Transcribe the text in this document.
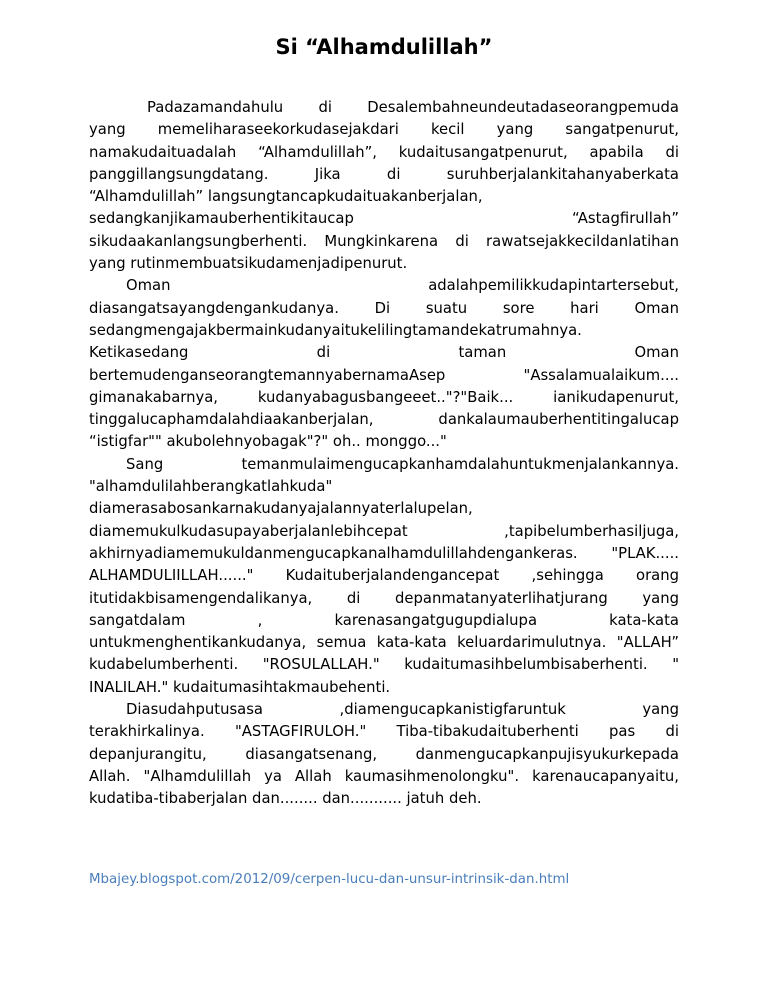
Si “Alhamdulillah”
Padazamandahulu di Desalembahneundeutadaseorangpemuda
yang memeliharaseekorkudasejakdari kecil yang sangatpenurut,
namakudaituadalah “Alhamdulillah”, kudaitusangatpenurut, apabila di
panggillangsungdatang. Jika di suruhberjalankitahanyaberkata
“Alhamdulillah” langsungtancapkudaituakanberjalan,
sedangkanjikamauberhentikitaucap “Astagfirullah”
sikudaakanlangsungberhenti. Mungkinkarena di rawatsejakkecildanlatihan
yang rutinmembuatsikudamenjadipenurut.
Oman adalahpemilikkudapintartersebut,
diasangatsayangdengankudanya. Di suatu sore hari Oman
sedangmengajakbermainkudanyaitukelilingtamandekatrumahnya.
Ketikasedang di taman Oman
bertemudenganseorangtemannyabernamaAsep "Assalamualaikum....
gimanakabarnya, kudanyabagusbangeeet.."?"Baik... ianikudapenurut,
tinggalucaphamdalahdiaakanberjalan, dankalaumauberhentitingalucap
“istigfar"" akubolehnyobagak"?" oh.. monggo..."
Sang temanmulaimengucapkanhamdalahuntukmenjalankannya.
"alhamdulilahberangkatlahkuda"
diamerasabosankarnakudanyajalannyaterlalupelan,
diamemukulkudasupayaberjalanlebihcepat ,tapibelumberhasiljuga,
akhirnyadiamemukuldanmengucapkanalhamdulillahdengankeras. "PLAK.....
ALHAMDULIILLAH......" Kudaituberjalandengancepat ,sehingga orang
itutidakbisamengendalikanya, di depanmatanyaterlihatjurang yang
sangatdalam , karenasangatgugupdialupa kata-kata
untukmenghentikankudanya, semua kata-kata keluardarimulutnya. "ALLAH”
kudabelumberhenti. "ROSULALLAH." kudaitumasihbelumbisaberhenti. "
INALILAH." kudaitumasihtakmaubehenti.
Diasudahputusasa ,diamengucapkanistigfaruntuk yang
terakhirkalinya. "ASTAGFIRULOH." Tiba-tibakudaituberhenti pas di
depanjurangitu, diasangatsenang, danmengucapkanpujisyukurkepada
Allah. "Alhamdulillah ya Allah kaumasihmenolongku". karenaucapanyaitu,
kudatiba-tibaberjalan dan........ dan........... jatuh deh.
Mbajey.blogspot.com/2012/09/cerpen-lucu-dan-unsur-intrinsik-dan.html
